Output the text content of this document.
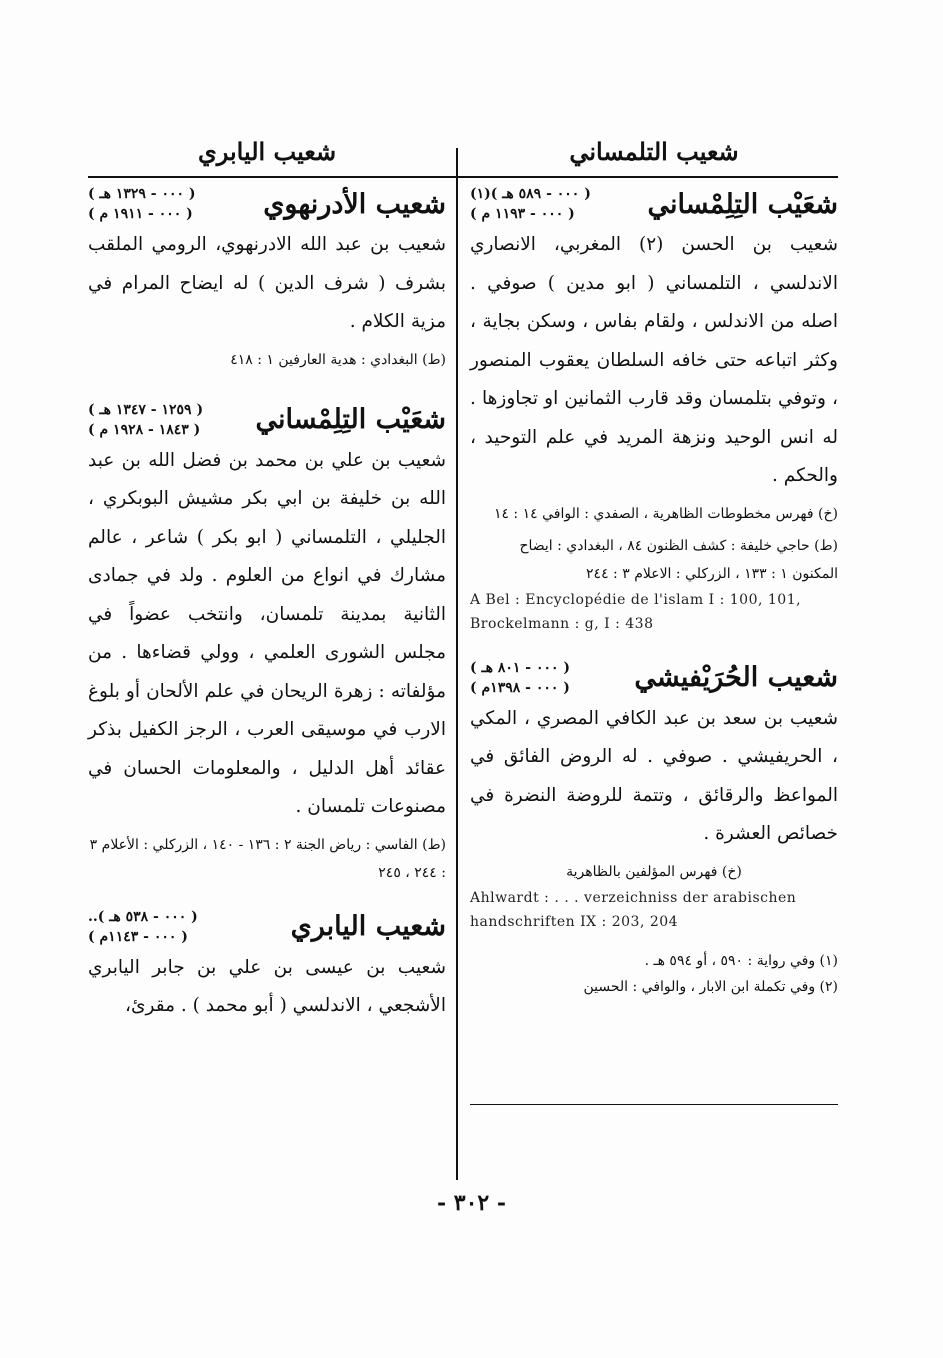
شعيب التلمساني
شعَيْب التِلِمْساني
( ٠٠٠ - ٥٨٩ هـ )(١)
( ٠٠٠ - ١١٩٣ م )

شعيب بن الحسن (٢) المغربي، الانصاري الاندلسي ، التلمساني ( ابو مدين ) صوفي . اصله من الاندلس ، ولقام بفاس ، وسكن بجاية ، وكثر اتباعه حتى خافه السلطان يعقوب المنصور ، وتوفي بتلمسان وقد قارب الثمانين او تجاوزها . له انس الوحيد ونزهة المريد في علم التوحيد ، والحكم .

(خ) فهرس مخطوطات الظاهرية ، الصفدي : الوافي ١٤ : ١٤

(ط) حاجي خليفة : كشف الظنون ٨٤ ، البغدادي : ايضاح المكنون ١ : ١٣٣ ، الزركلي : الاعلام ٣ : ٢٤٤

A Bel : Encyclopédie de l'islam I : 100, 101, Brockelmann : g, I : 438
شعيب الحُرَيْفيشي
( ٠٠٠ - ٨٠١ هـ )
( ٠٠٠ - ١٣٩٨م )

شعيب بن سعد بن عبد الكافي المصري ، المكي ، الحريفيشي . صوفي . له الروض الفائق في المواعظ والرقائق ، وتتمة للروضة النضرة في خصائص العشرة .

(خ) فهرس المؤلفين بالظاهرية

Ahlwardt : . . . verzeichniss der arabischen handschriften IX : 203, 204
(١) وفي رواية : ٥٩٠ ، أو ٥٩٤ هـ .
(٢) وفي تكملة ابن الابار ، والوافي : الحسين
شعيب اليابري
شعيب الأدرنهوي
( ٠٠٠ - ١٣٢٩ هـ )
( ٠٠٠ - ١٩١١ م )

شعيب بن عبد الله الادرنهوي، الرومي الملقب بشرف ( شرف الدين ) له ايضاح المرام في مزية الكلام .

(ط) البغدادي : هدية العارفين ١ : ٤١٨

شعَيْب التِلِمْساني
( ١٢٥٩ - ١٣٤٧ هـ )
( ١٨٤٣ - ١٩٢٨ م )

شعيب بن علي بن محمد بن فضل الله بن عبد الله بن خليفة بن ابي بكر مشيش البوبكري ، الجليلي ، التلمساني ( ابو بكر ) شاعر ، عالم مشارك في انواع من العلوم . ولد في جمادى الثانية بمدينة تلمسان، وانتخب عضواً في مجلس الشورى العلمي ، وولي قضاءها . من مؤلفاته : زهرة الريحان في علم الألحان أو بلوغ الارب في موسيقى العرب ، الرجز الكفيل بذكر عقائد أهل الدليل ، والمعلومات الحسان في مصنوعات تلمسان .

(ط) الفاسي : رياض الجنة ٢ : ١٣٦ - ١٤٠ ، الزركلي : الأعلام ٣ : ٢٤٤ ، ٢٤٥

شعيب اليابري
( ٠٠٠ - ٥٣٨ هـ )..
( ٠٠٠ - ١١٤٣م )

شعيب بن عيسى بن علي بن جابر اليابري الأشجعي ، الاندلسي ( أبو محمد ) . مقرئ،

- ٣٠٢ -
